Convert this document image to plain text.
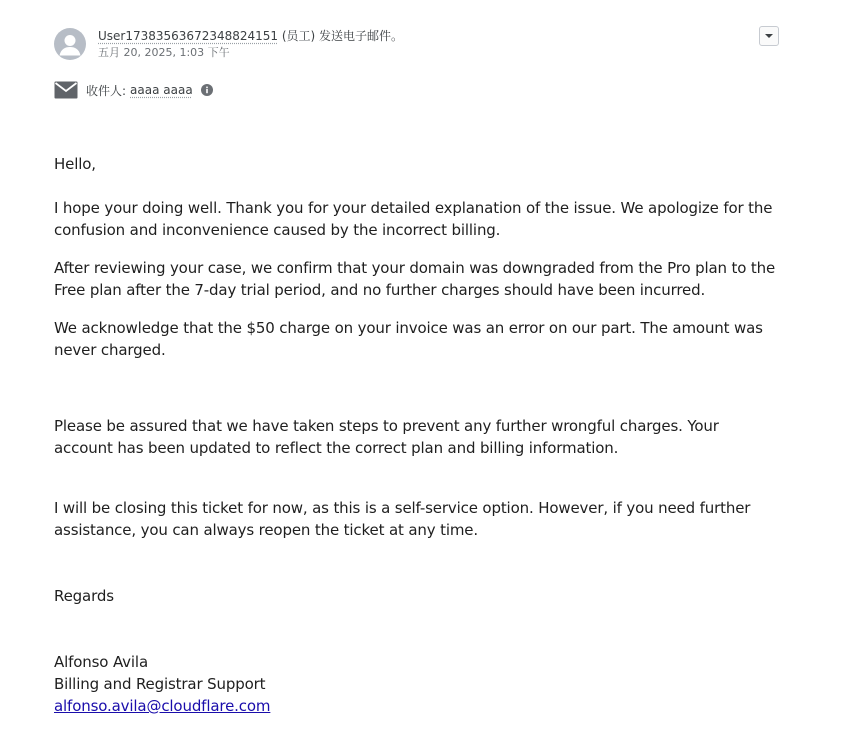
User17383563672348824151 (员工) 发送电子邮件。
五月 20, 2025, 1:03 下午
收件人: aaaa aaaa

Hello,

I hope your doing well. Thank you for your detailed explanation of the issue. We apologize for the confusion and inconvenience caused by the incorrect billing.

After reviewing your case, we confirm that your domain was downgraded from the Pro plan to the Free plan after the 7-day trial period, and no further charges should have been incurred.

We acknowledge that the $50 charge on your invoice was an error on our part. The amount was never charged.

Please be assured that we have taken steps to prevent any further wrongful charges. Your account has been updated to reflect the correct plan and billing information.

I will be closing this ticket for now, as this is a self-service option. However, if you need further assistance, you can always reopen the ticket at any time.

Regards

Alfonso Avila
Billing and Registrar Support
alfonso.avila@cloudflare.com
